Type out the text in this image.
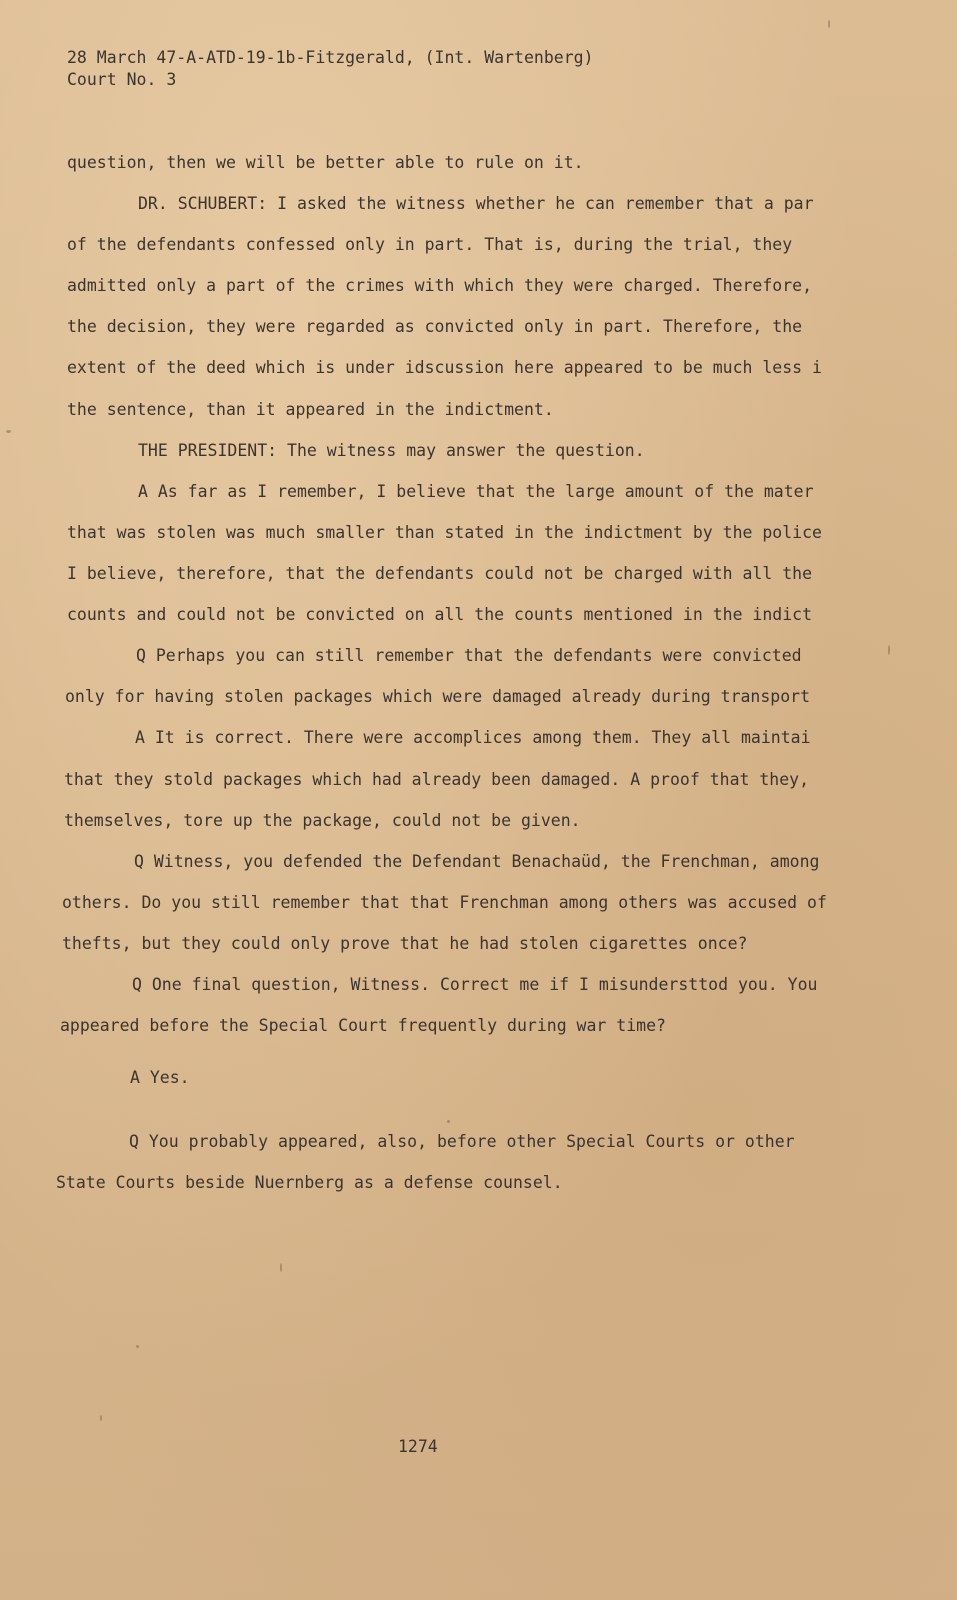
28 March 47-A-ATD-19-1b-Fitzgerald, (Int. Wartenberg)
Court No. 3
question, then we will be better able to rule on it.
DR. SCHUBERT: I asked the witness whether he can remember that a par
of the defendants confessed only in part. That is, during the trial, they
admitted only a part of the crimes with which they were charged. Therefore,
the decision, they were regarded as convicted only in part. Therefore, the
extent of the deed which is under idscussion here appeared to be much less i
the sentence, than it appeared in the indictment.
THE PRESIDENT: The witness may answer the question.
A As far as I remember, I believe that the large amount of the mater
that was stolen was much smaller than stated in the indictment by the police
I believe, therefore, that the defendants could not be charged with all the
counts and could not be convicted on all the counts mentioned in the indict
Q Perhaps you can still remember that the defendants were convicted
only for having stolen packages which were damaged already during transport
A It is correct. There were accomplices among them. They all maintai
that they stold packages which had already been damaged. A proof that they,
themselves, tore up the package, could not be given.
Q Witness, you defended the Defendant Benachaüd, the Frenchman, among
others. Do you still remember that that Frenchman among others was accused of
thefts, but they could only prove that he had stolen cigarettes once?
Q One final question, Witness. Correct me if I misundersttod you. You
appeared before the Special Court frequently during war time?
A Yes.
Q You probably appeared, also, before other Special Courts or other
State Courts beside Nuernberg as a defense counsel.
1274
